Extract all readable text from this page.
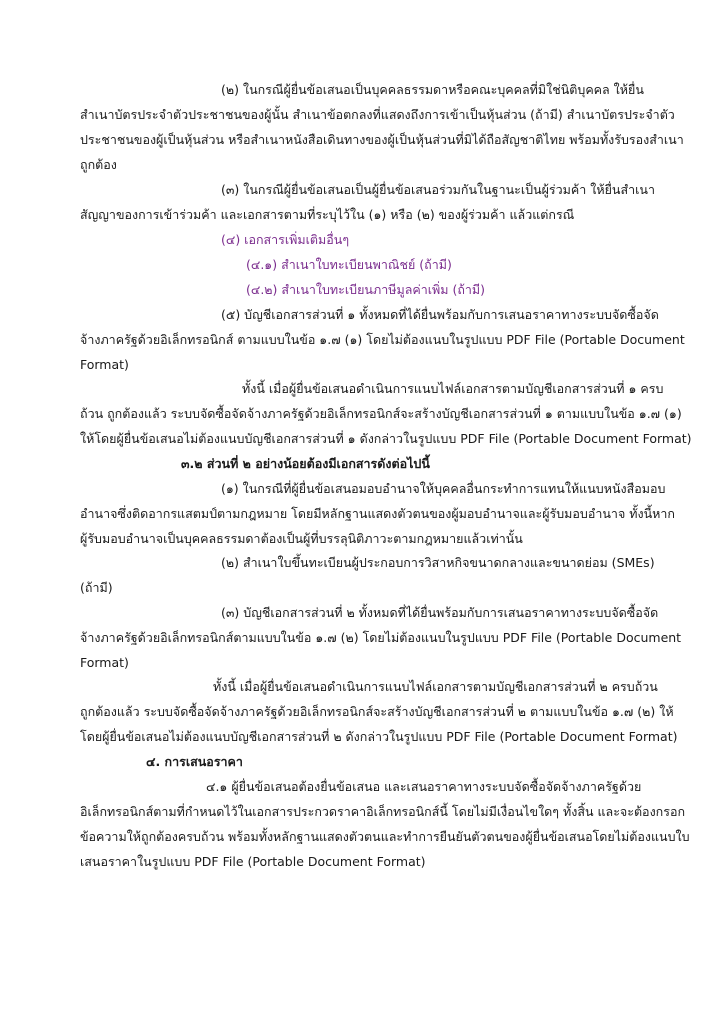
(๒) ในกรณีผู้ยื่นข้อเสนอเป็นบุคคลธรรมดาหรือคณะบุคคลที่มิใช่นิติบุคคล ให้ยื่น
สำเนาบัตรประจำตัวประชาชนของผู้นั้น สำเนาข้อตกลงที่แสดงถึงการเข้าเป็นหุ้นส่วน (ถ้ามี) สำเนาบัตรประจำตัว
ประชาชนของผู้เป็นหุ้นส่วน หรือสำเนาหนังสือเดินทางของผู้เป็นหุ้นส่วนที่มิได้ถือสัญชาติไทย พร้อมทั้งรับรองสำเนา
ถูกต้อง
(๓) ในกรณีผู้ยื่นข้อเสนอเป็นผู้ยื่นข้อเสนอร่วมกันในฐานะเป็นผู้ร่วมค้า ให้ยื่นสำเนา
สัญญาของการเข้าร่วมค้า และเอกสารตามที่ระบุไว้ใน (๑) หรือ (๒) ของผู้ร่วมค้า แล้วแต่กรณี
(๔) เอกสารเพิ่มเติมอื่นๆ
(๔.๑) สำเนาใบทะเบียนพาณิชย์ (ถ้ามี)
(๔.๒) สำเนาใบทะเบียนภาษีมูลค่าเพิ่ม (ถ้ามี)
(๕) บัญชีเอกสารส่วนที่ ๑ ทั้งหมดที่ได้ยื่นพร้อมกับการเสนอราคาทางระบบจัดซื้อจัด
จ้างภาครัฐด้วยอิเล็กทรอนิกส์ ตามแบบในข้อ ๑.๗ (๑) โดยไม่ต้องแนบในรูปแบบ PDF File (Portable Document
Format)
ทั้งนี้ เมื่อผู้ยื่นข้อเสนอดำเนินการแนบไฟล์เอกสารตามบัญชีเอกสารส่วนที่ ๑ ครบ
ถ้วน ถูกต้องแล้ว ระบบจัดซื้อจัดจ้างภาครัฐด้วยอิเล็กทรอนิกส์จะสร้างบัญชีเอกสารส่วนที่ ๑ ตามแบบในข้อ ๑.๗ (๑)
ให้โดยผู้ยื่นข้อเสนอไม่ต้องแนบบัญชีเอกสารส่วนที่ ๑ ดังกล่าวในรูปแบบ PDF File (Portable Document Format)
๓.๒ ส่วนที่ ๒ อย่างน้อยต้องมีเอกสารดังต่อไปนี้
(๑) ในกรณีที่ผู้ยื่นข้อเสนอมอบอำนาจให้บุคคลอื่นกระทำการแทนให้แนบหนังสือมอบ
อำนาจซึ่งติดอากรแสตมป์ตามกฎหมาย โดยมีหลักฐานแสดงตัวตนของผู้มอบอำนาจและผู้รับมอบอำนาจ ทั้งนี้หาก
ผู้รับมอบอำนาจเป็นบุคคลธรรมดาต้องเป็นผู้ที่บรรลุนิติภาวะตามกฎหมายแล้วเท่านั้น
(๒) สำเนาใบขึ้นทะเบียนผู้ประกอบการวิสาหกิจขนาดกลางและขนาดย่อม (SMEs)
(ถ้ามี)
(๓) บัญชีเอกสารส่วนที่ ๒ ทั้งหมดที่ได้ยื่นพร้อมกับการเสนอราคาทางระบบจัดซื้อจัด
จ้างภาครัฐด้วยอิเล็กทรอนิกส์ตามแบบในข้อ ๑.๗ (๒) โดยไม่ต้องแนบในรูปแบบ PDF File (Portable Document
Format)
ทั้งนี้ เมื่อผู้ยื่นข้อเสนอดำเนินการแนบไฟล์เอกสารตามบัญชีเอกสารส่วนที่ ๒ ครบถ้วน
ถูกต้องแล้ว ระบบจัดซื้อจัดจ้างภาครัฐด้วยอิเล็กทรอนิกส์จะสร้างบัญชีเอกสารส่วนที่ ๒ ตามแบบในข้อ ๑.๗ (๒) ให้
โดยผู้ยื่นข้อเสนอไม่ต้องแนบบัญชีเอกสารส่วนที่ ๒ ดังกล่าวในรูปแบบ PDF File (Portable Document Format)
๔. การเสนอราคา
๔.๑ ผู้ยื่นข้อเสนอต้องยื่นข้อเสนอ และเสนอราคาทางระบบจัดซื้อจัดจ้างภาครัฐด้วย
อิเล็กทรอนิกส์ตามที่กำหนดไว้ในเอกสารประกวดราคาอิเล็กทรอนิกส์นี้ โดยไม่มีเงื่อนไขใดๆ ทั้งสิ้น และจะต้องกรอก
ข้อความให้ถูกต้องครบถ้วน พร้อมทั้งหลักฐานแสดงตัวตนและทำการยืนยันตัวตนของผู้ยื่นข้อเสนอโดยไม่ต้องแนบใบ
เสนอราคาในรูปแบบ PDF File (Portable Document Format)
